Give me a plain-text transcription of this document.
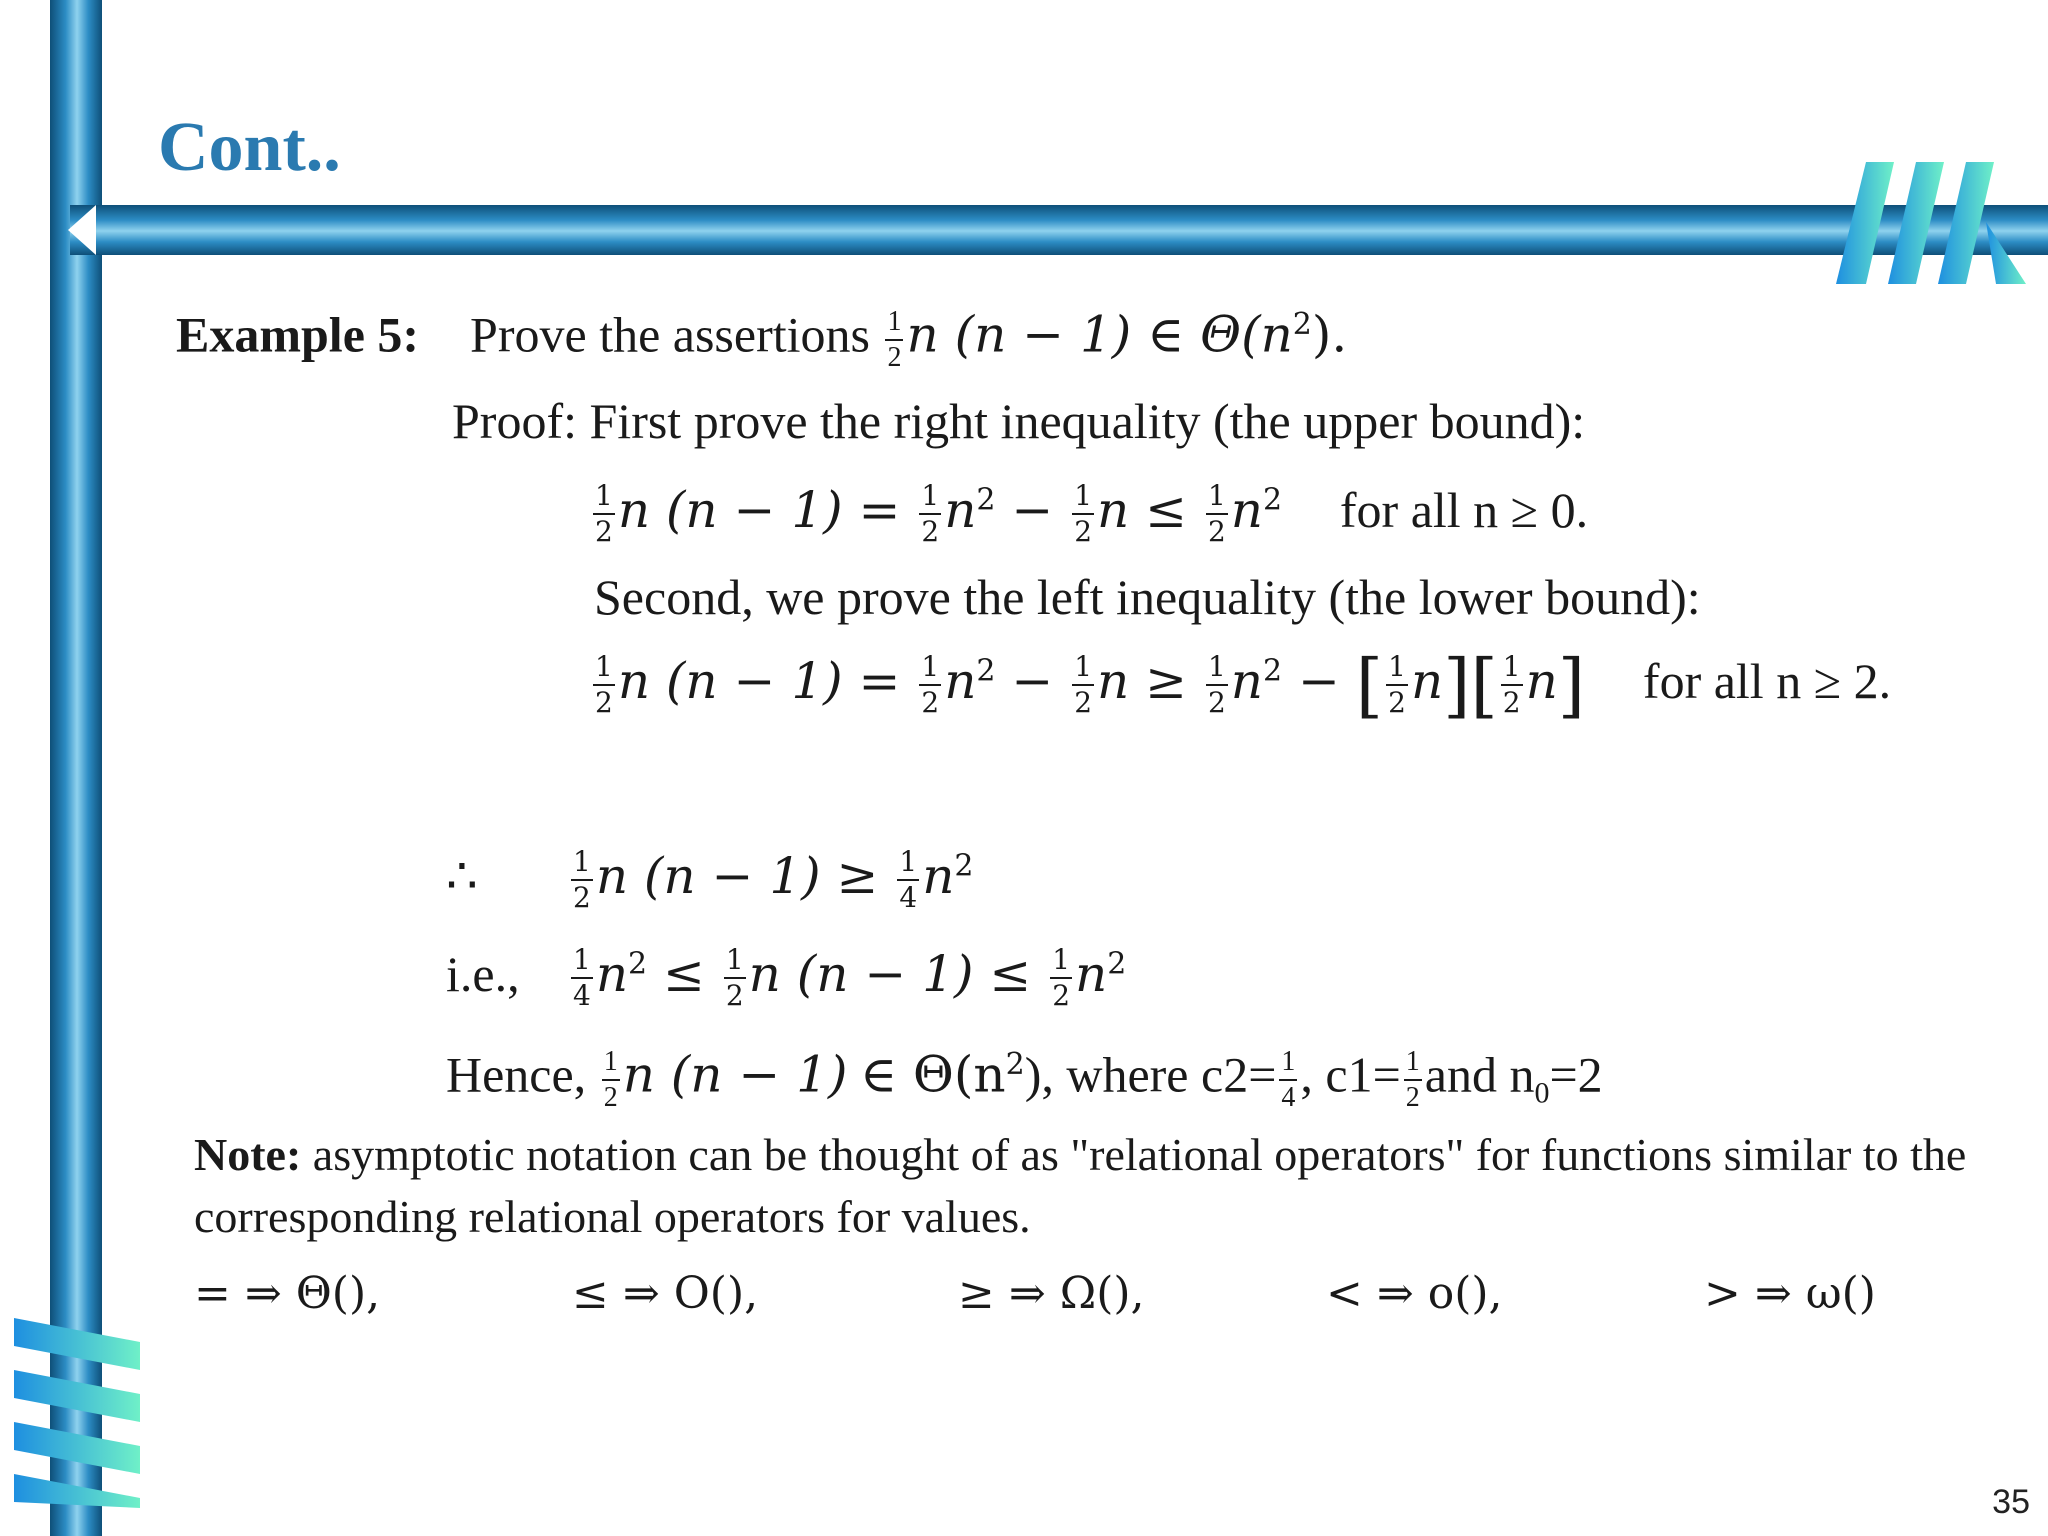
Cont..
Example 5: Prove the assertions $\frac{1}{2}$ n (n − 1) ∈ $\Theta(n^2)$.
Proof: First prove the right inequality (the upper bound):
$\frac{1}{2}$ n $(n - 1) = \frac{1}{2} n^2 - \frac{1}{2}$ $n \le \frac{1}{2} n^2$ for all n ≥ 0.
Second, we prove the left inequality (the lower bound):
$\frac{1}{2}$ n $(n - 1) = \frac{1}{2} n^2 - \frac{1}{2}$ $n \ge \frac{1}{2} n^2$ − [ $\frac{1}{2} n][ \frac{1}{2} n]$ for all n ≥ 2.
∴	$\frac{1}{2}$ n $(n - 1) \ge \frac{1}{4} n^2$
i.e., $\frac{1}{4} n^2 \le \frac{1}{2}$ n $(n - 1) \le \frac{1}{2} n^2$
Hence, $\frac{1}{2}$ n (n − 1) ∈ $\Theta(n^2)$, where $c2= \frac{1}{4}$ , $c1= \frac{1}{2}$ and $n_0=2$
Note: asymptotic notation can be thought of as "relational operators" for functions similar to the
corresponding relational operators for values.
= ⇒ Θ(),	≤ ⇒ O(),	≥ ⇒ Ω(),	< ⇒ o(),	> ⇒ ω()
35
